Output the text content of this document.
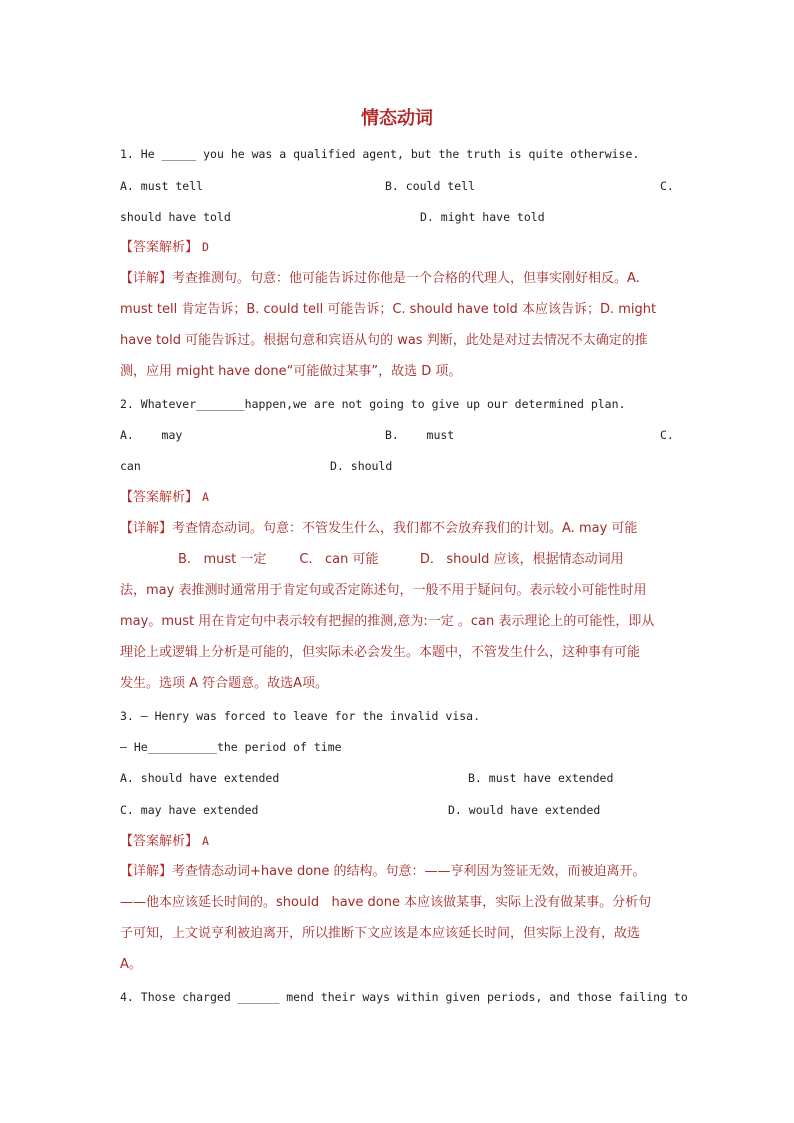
情态动词
1. He _____ you he was a qualified agent, but the truth is quite otherwise.
A. must tell	B. could tell	C.
should have told	D. might have told
【答案解析】 D
【详解】考查推测句。句意：他可能告诉过你他是一个合格的代理人，但事实刚好相反。A.
must tell 肯定告诉；B. could tell 可能告诉；C. should have told 本应该告诉；D. might
have told 可能告诉过。根据句意和宾语从句的 was 判断，此处是对过去情况不太确定的推
测，应用 might have done“可能做过某事”，故选 D 项。
2. Whatever_______happen,we are not going to give up our determined plan.
A.    may	B.    must	C.
can	D. should
【答案解析】 A
【详解】考查情态动词。句意：不管发生什么，我们都不会放弃我们的计划。A. may 可能
B.   must 一定        C.   can 可能          D.   should 应该，根据情态动词用
法，may 表推测时通常用于肯定句或否定陈述句，一般不用于疑问句。表示较小可能性时用
may。must 用在肯定句中表示较有把握的推测,意为:一定 。can 表示理论上的可能性，即从
理论上或逻辑上分析是可能的，但实际未必会发生。本题中，不管发生什么，这种事有可能
发生。选项 A 符合题意。故选A项。
3. — Henry was forced to leave for the invalid visa.
— He__________the period of time
A. should have extended	B. must have extended
C. may have extended	D. would have extended
【答案解析】 A
【详解】考查情态动词+have done 的结构。句意：——亨利因为签证无效，而被迫离开。
——他本应该延长时间的。should   have done 本应该做某事，实际上没有做某事。分析句
子可知，上文说亨利被迫离开，所以推断下文应该是本应该延长时间，但实际上没有，故选
A。
4. Those charged ______ mend their ways within given periods, and those failing to
